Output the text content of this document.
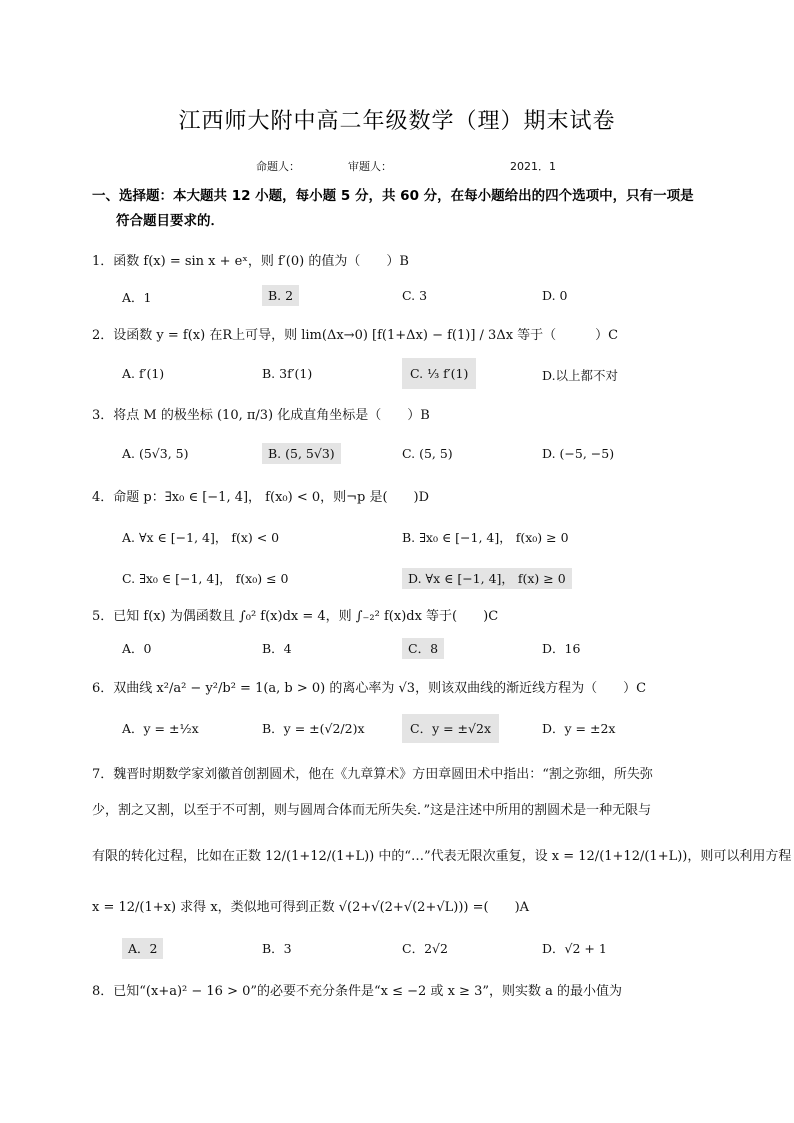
江西师大附中高二年级数学（理）期末试卷
命题人：	审题人：	2021．1
一、选择题：本大题共 12 小题，每小题 5 分，共 60 分，在每小题给出的四个选项中，只有一项是
符合题目要求的．
1．函数 f(x) = sin x + eˣ，则 f′(0) 的值为（　　）B
A．1	B. 2	C. 3	D. 0
2．设函数 y = f(x) 在R上可导，则 lim(Δx→0) [f(1+Δx) − f(1)] / 3Δx 等于（　　　）C
A. f′(1)	B. 3f′(1)	C. ⅓ f′(1)	D.以上都不对
3．将点 M 的极坐标 (10, π/3) 化成直角坐标是（　　）B
A. (5√3, 5)	B. (5, 5√3)	C. (5, 5)	D. (−5, −5)
4．命题 p：∃x₀ ∈ [−1, 4]， f(x₀) < 0，则¬p 是(　　)D
A. ∀x ∈ [−1, 4]， f(x) < 0	B. ∃x₀ ∈ [−1, 4]， f(x₀) ≥ 0
C. ∃x₀ ∈ [−1, 4]， f(x₀) ≤ 0	D. ∀x ∈ [−1, 4]， f(x) ≥ 0
5．已知 f(x) 为偶函数且 ∫₀² f(x)dx = 4，则 ∫₋₂² f(x)dx 等于(　　)C
A．0	B．4	C．8	D．16
6．双曲线 x²/a² − y²/b² = 1(a, b > 0) 的离心率为 √3，则该双曲线的渐近线方程为（　　）C
A．y = ±½x	B．y = ±(√2/2)x	C．y = ±√2x	D．y = ±2x
7．魏晋时期数学家刘徽首创割圆术，他在《九章算术》方田章圆田术中指出：“割之弥细，所失弥
少，割之又割，以至于不可割，则与圆周合体而无所失矣．”这是注述中所用的割圆术是一种无限与
有限的转化过程，比如在正数 12/(1+12/(1+L)) 中的“…”代表无限次重复，设 x = 12/(1+12/(1+L))，则可以利用方程
x = 12/(1+x) 求得 x，类似地可得到正数 √(2+√(2+√(2+√L))) =(　　)A
A．2	B．3	C．2√2	D．√2 + 1
8．已知“(x+a)² − 16 > 0”的必要不充分条件是“x ≤ −2 或 x ≥ 3”，则实数 a 的最小值为
